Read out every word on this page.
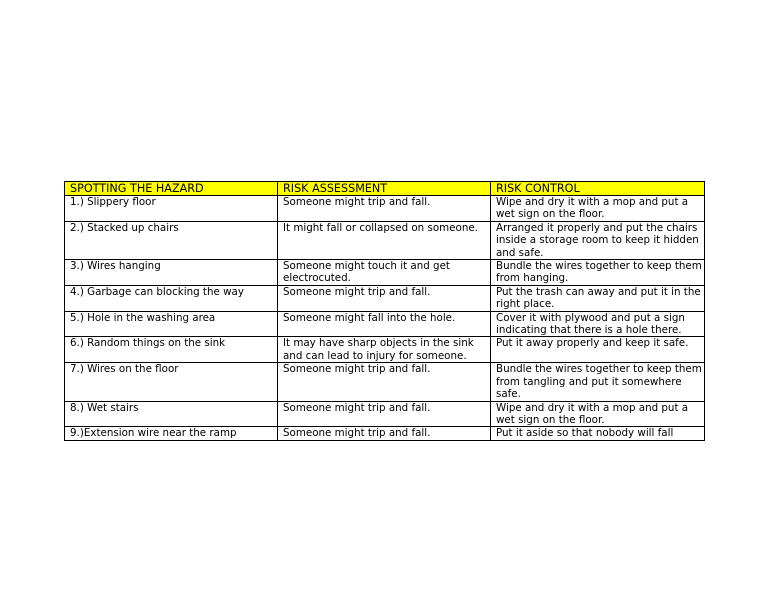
SPOTTING THE HAZARD	RISK ASSESSMENT	RISK CONTROL
1.) Slippery floor	Someone might trip and fall.	Wipe and dry it with a mop and put a wet sign on the floor.
2.) Stacked up chairs	It might fall or collapsed on someone.	Arranged it properly and put the chairs inside a storage room to keep it hidden and safe.
3.) Wires hanging	Someone might touch it and get electrocuted.	Bundle the wires together to keep them from hanging.
4.) Garbage can blocking the way	Someone might trip and fall.	Put the trash can away and put it in the right place.
5.) Hole in the washing area	Someone might fall into the hole.	Cover it with plywood and put a sign indicating that there is a hole there.
6.) Random things on the sink	It may have sharp objects in the sink and can lead to injury for someone.	Put it away properly and keep it safe.
7.) Wires on the floor	Someone might trip and fall.	Bundle the wires together to keep them from tangling and put it somewhere safe.
8.) Wet stairs	Someone might trip and fall.	Wipe and dry it with a mop and put a wet sign on the floor.
9.)Extension wire near the ramp	Someone might trip and fall.	Put it aside so that nobody will fall
